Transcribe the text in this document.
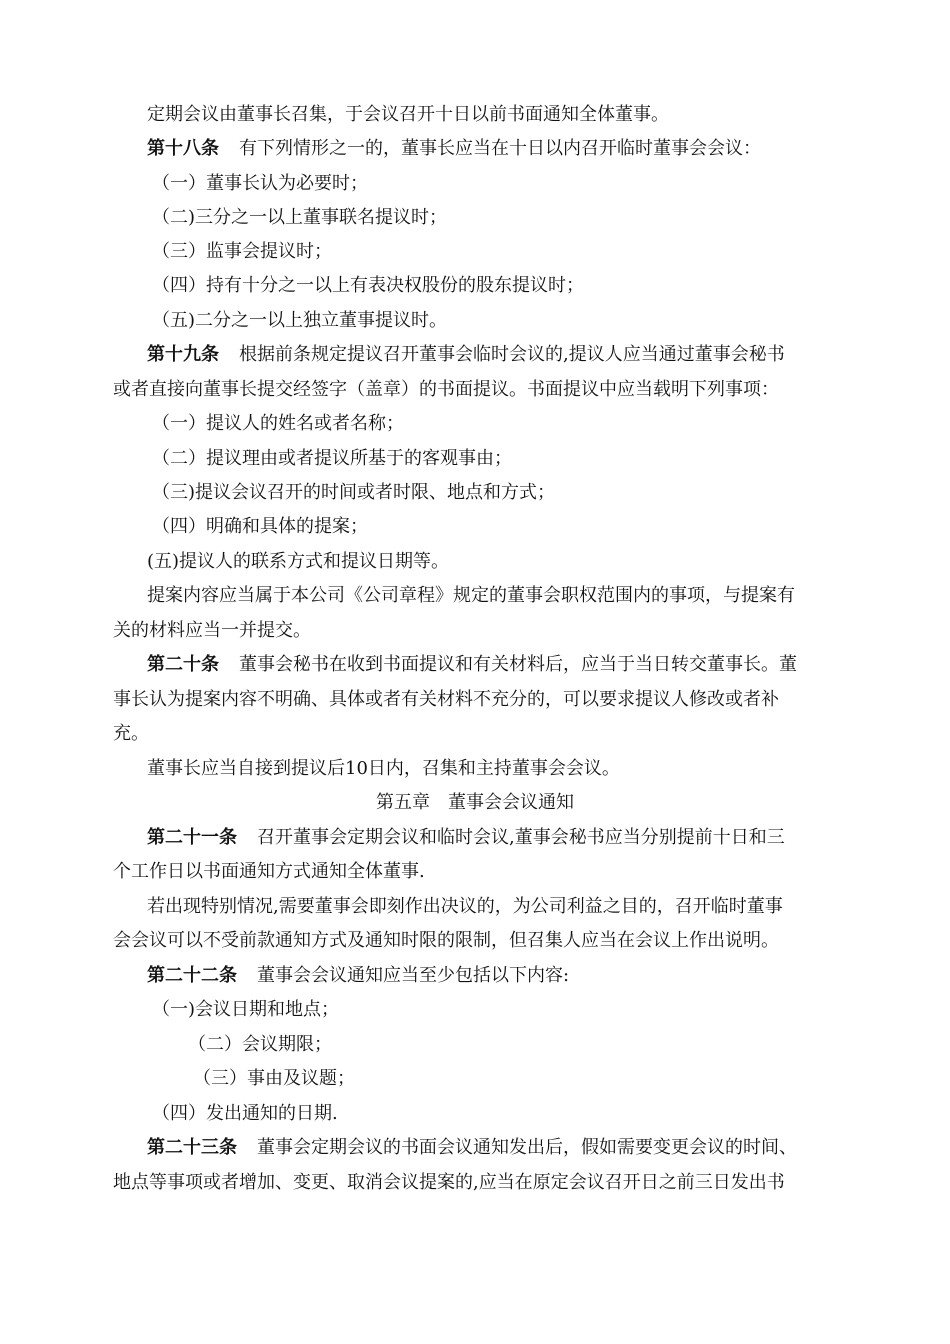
定期会议由董事长召集，于会议召开十日以前书面通知全体董事。
第十八条 有下列情形之一的，董事长应当在十日以内召开临时董事会会议：
（一）董事长认为必要时；
（二)三分之一以上董事联名提议时；
（三）监事会提议时；
（四）持有十分之一以上有表决权股份的股东提议时；
（五)二分之一以上独立董事提议时。
第十九条 根据前条规定提议召开董事会临时会议的,提议人应当通过董事会秘书
或者直接向董事长提交经签字（盖章）的书面提议。书面提议中应当载明下列事项：
（一）提议人的姓名或者名称；
（二）提议理由或者提议所基于的客观事由；
（三)提议会议召开的时间或者时限、地点和方式；
（四）明确和具体的提案；
(五)提议人的联系方式和提议日期等。
提案内容应当属于本公司《公司章程》规定的董事会职权范围内的事项，与提案有
关的材料应当一并提交。
第二十条 董事会秘书在收到书面提议和有关材料后，应当于当日转交董事长。董
事长认为提案内容不明确、具体或者有关材料不充分的，可以要求提议人修改或者补
充。
董事长应当自接到提议后10日内，召集和主持董事会会议。
第五章　董事会会议通知
第二十一条 召开董事会定期会议和临时会议,董事会秘书应当分别提前十日和三
个工作日以书面通知方式通知全体董事.
若出现特别情况,需要董事会即刻作出决议的，为公司利益之目的，召开临时董事
会会议可以不受前款通知方式及通知时限的限制，但召集人应当在会议上作出说明。
第二十二条 董事会会议通知应当至少包括以下内容:
（一)会议日期和地点；
（二）会议期限；
（三）事由及议题；
（四）发出通知的日期.
第二十三条 董事会定期会议的书面会议通知发出后，假如需要变更会议的时间、
地点等事项或者增加、变更、取消会议提案的,应当在原定会议召开日之前三日发出书
